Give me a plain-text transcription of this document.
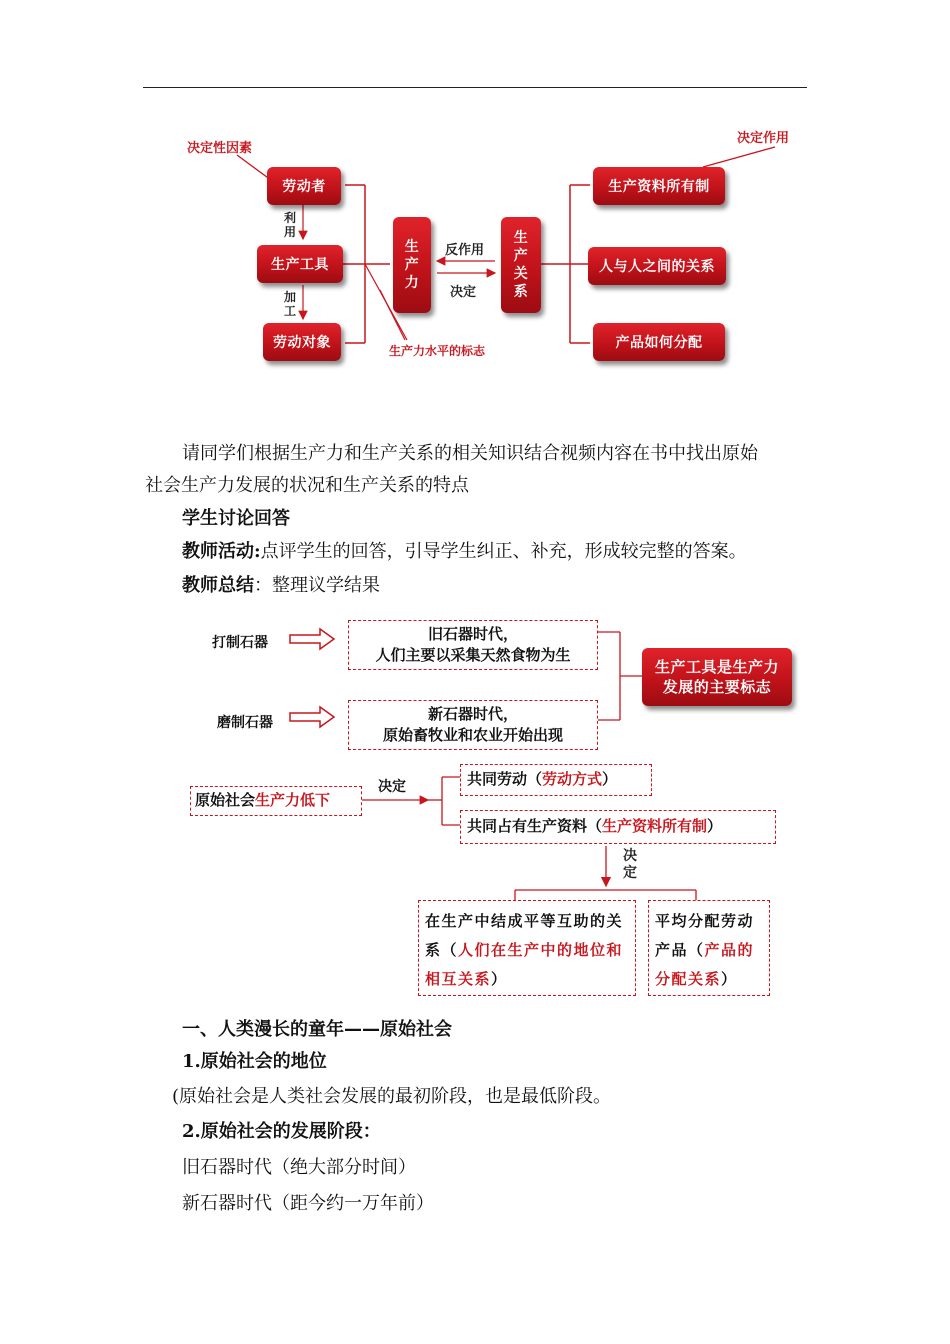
决定性因素
决定作用
劳动者
生产工具
劳动对象
利
用
加
工
生
产
力
生
产
关
系
反作用
决定
生产力水平的标志
生产资料所有制
人与人之间的关系
产品如何分配
请同学们根据生产力和生产关系的相关知识结合视频内容在书中找出原始
社会生产力发展的状况和生产关系的特点
学生讨论回答
教师活动:点评学生的回答，引导学生纠正、补充，形成较完整的答案。
教师总结：整理议学结果
打制石器
磨制石器
旧石器时代，
人们主要以采集天然食物为生
新石器时代，
原始畜牧业和农业开始出现
生产工具是生产力
发展的主要标志
原始社会生产力低下
决定	共同劳动（劳动方式）
共同占有生产资料（生产资料所有制）
决
定
在生产中结成平等互助的关系（人们在生产中的地位和相互关系）
平均分配劳动产品（产品的分配关系）
一、人类漫长的童年——原始社会
1.原始社会的地位
(原始社会是人类社会发展的最初阶段，也是最低阶段。
2.原始社会的发展阶段：
旧石器时代（绝大部分时间）
新石器时代（距今约一万年前）
